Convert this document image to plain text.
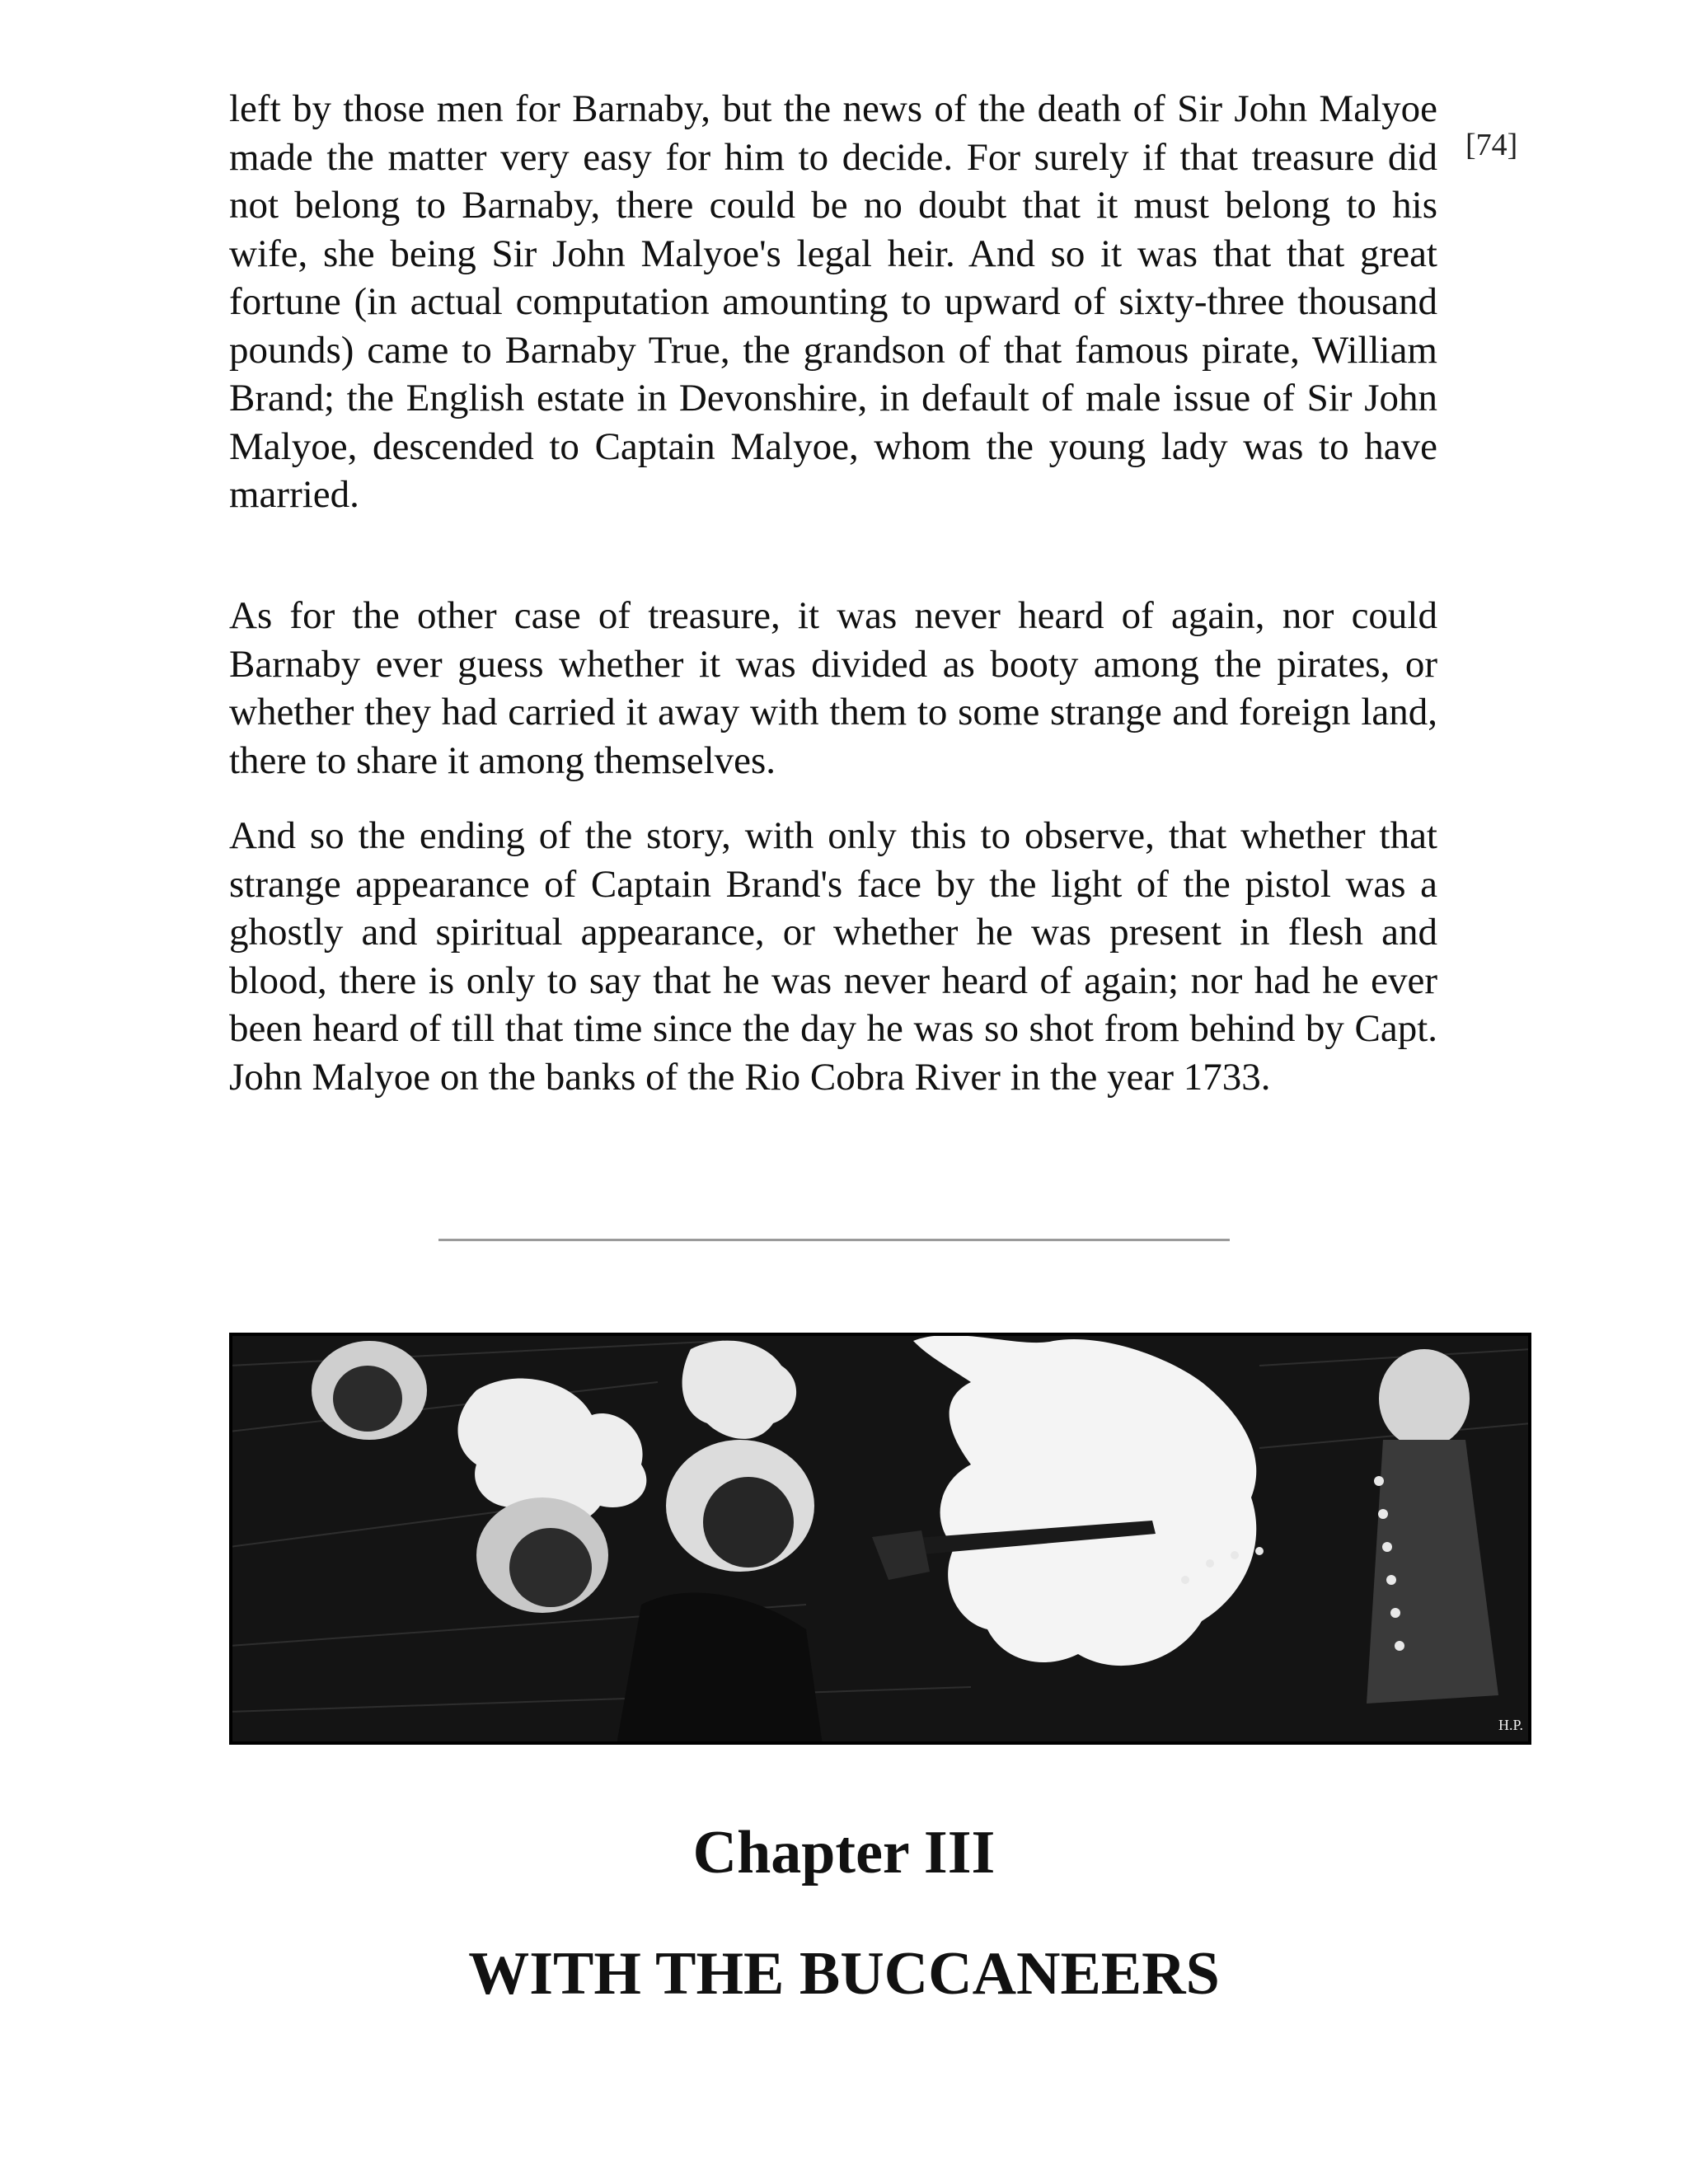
left by those men for Barnaby, but the news of the death of Sir John Malyoe made the matter very easy for him to decide. For surely if that treasure did not belong to Barnaby, there could be no doubt that it must belong to his wife, she being Sir John Malyoe's legal heir. And so it was that that great fortune (in actual computation amounting to upward of sixty-three thousand pounds) came to Barnaby True, the grandson of that famous pirate, William Brand; the English estate in Devonshire, in default of male issue of Sir John Malyoe, descended to Captain Malyoe, whom the young lady was to have married.

[74]

As for the other case of treasure, it was never heard of again, nor could Barnaby ever guess whether it was divided as booty among the pirates, or whether they had carried it away with them to some strange and foreign land, there to share it among themselves.

And so the ending of the story, with only this to observe, that whether that strange appearance of Captain Brand's face by the light of the pistol was a ghostly and spiritual appearance, or whether he was present in flesh and blood, there is only to say that he was never heard of again; nor had he ever been heard of till that time since the day he was so shot from behind by Capt. John Malyoe on the banks of the Rio Cobra River in the year 1733.

H.P.
Chapter III
WITH THE BUCCANEERS
